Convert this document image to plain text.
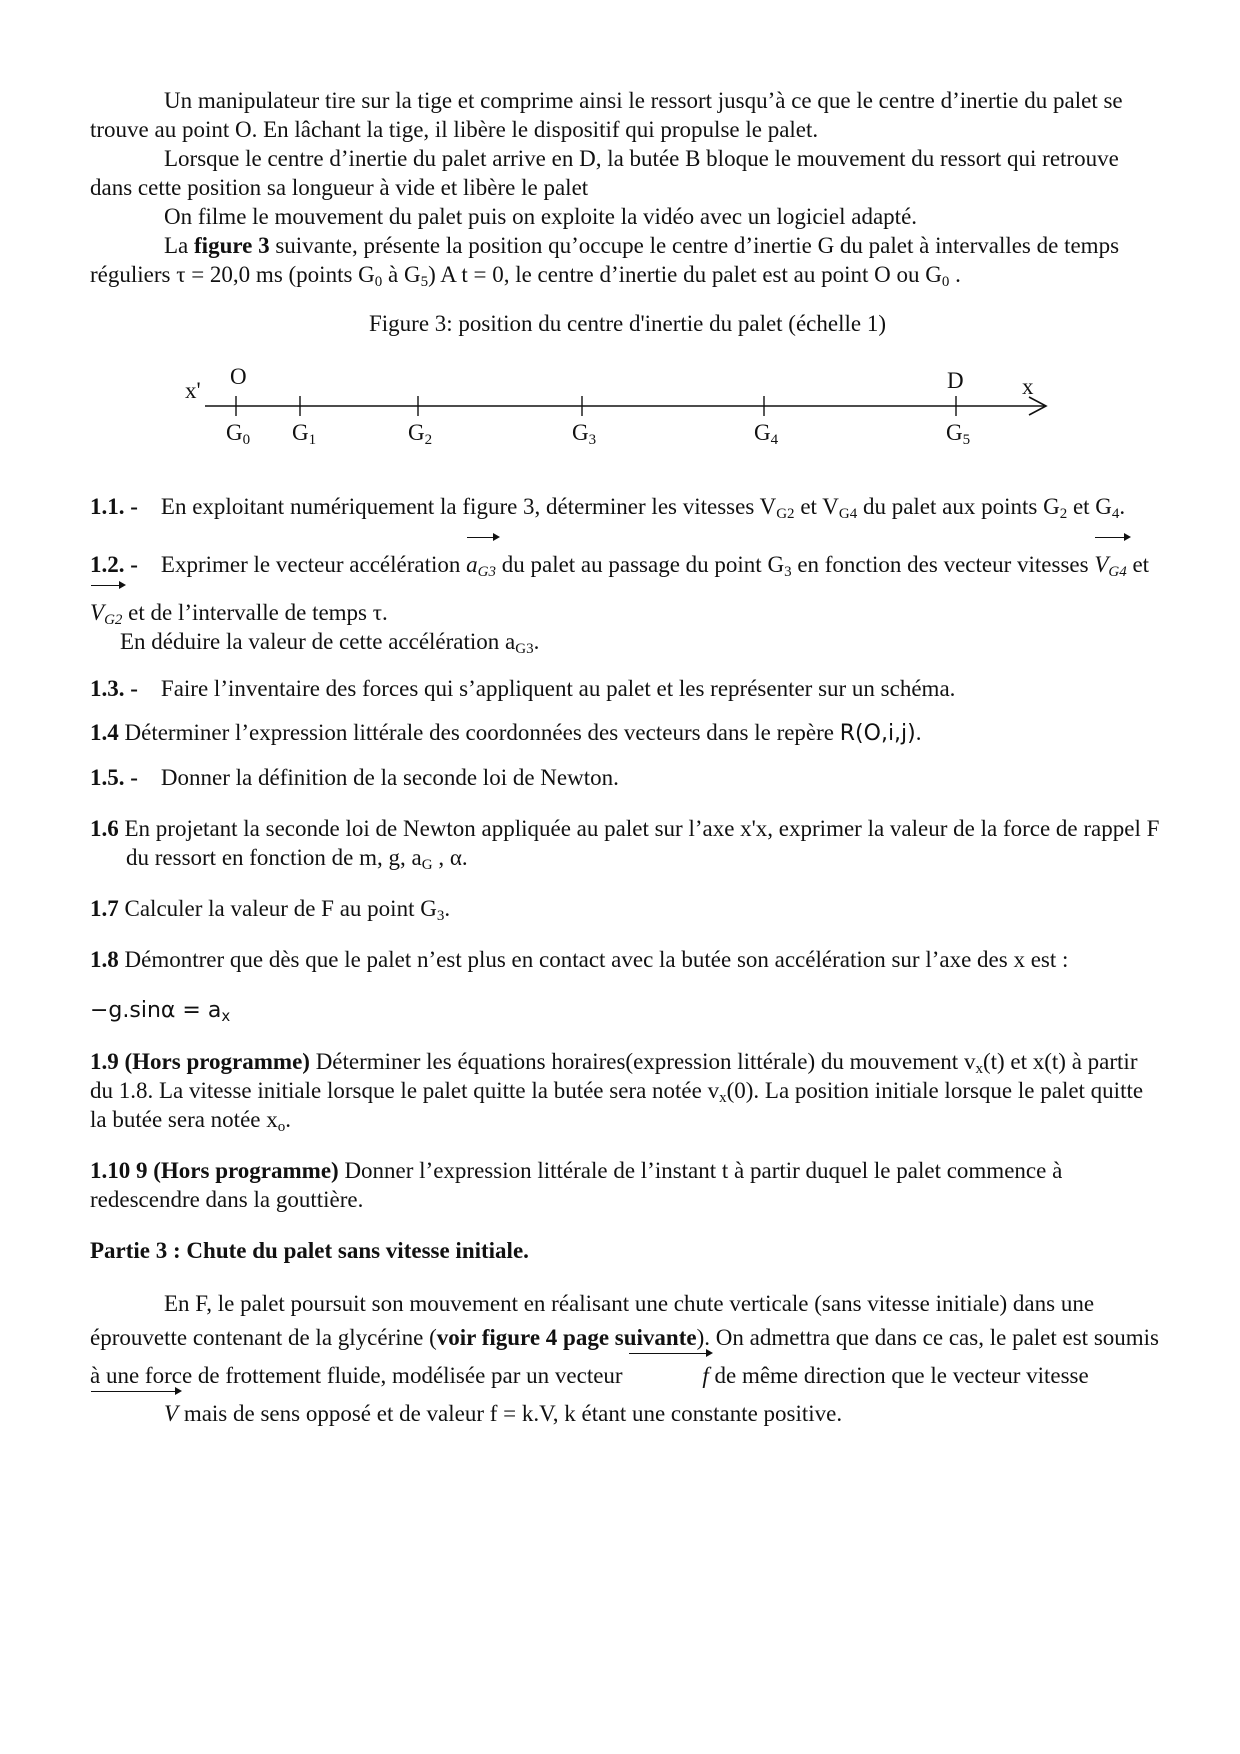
Un manipulateur tire sur la tige et comprime ainsi le ressort jusqu’à ce que le centre d’inertie du palet se trouve au point O. En lâchant la tige, il libère le dispositif qui propulse le palet.

Lorsque le centre d’inertie du palet arrive en D, la butée B bloque le mouvement du ressort qui retrouve dans cette position sa longueur à vide et libère le palet

On filme le mouvement du palet puis on exploite la vidéo avec un logiciel adapté.

La figure 3 suivante, présente la position qu’occupe le centre d’inertie G du palet à intervalles de temps réguliers τ = 20,0 ms (points $G_0$ à $G_5$) A t = 0, le centre d’inertie du palet est au point O ou $G_0$ .

Figure 3: position du centre d'inertie du palet (échelle 1)

x'
O	D	x
$G_0$ $G_1$	$G_2$	$G_3$	$G_4$	$G_5$

1.1. - En exploitant numériquement la figure 3, déterminer les vitesses $V_{G2}$ et $V_{G4}$ du palet aux points $G_2$ et $G_4$.

1.2. - Exprimer le vecteur accélération $a_{G3}$ du palet au passage du point $G_3$ en fonction des vecteur vitesses $V_{G4}$ et $V_{G2}$ et de l’intervalle de temps τ.

En déduire la valeur de cette accélération $a_{G3}$.

1.3. - Faire l’inventaire des forces qui s’appliquent au palet et les représenter sur un schéma.

1.4 Déterminer l’expression littérale des coordonnées des vecteurs dans le repère R(O,i,j).

1.5. - Donner la définition de la seconde loi de Newton.

1.6 En projetant la seconde loi de Newton appliquée au palet sur l’axe x'x, exprimer la valeur de la force de rappel F du ressort en fonction de m, g, $a_G$ , α.

1.7 Calculer la valeur de F au point $G_3$.

1.8 Démontrer que dès que le palet n’est plus en contact avec la butée son accélération sur l’axe des x est :

$-g.\sin\alpha = a_x$

1.9 (Hors programme) Déterminer les équations horaires(expression littérale) du mouvement $v_x(t)$ et x(t) à partir du 1.8. La vitesse initiale lorsque le palet quitte la butée sera notée $v_x(0)$. La position initiale lorsque le palet quitte la butée sera notée $x_o$.

1.10 9 (Hors programme) Donner l’expression littérale de l’instant t à partir duquel le palet commence à redescendre dans la gouttière.

Partie 3 : Chute du palet sans vitesse initiale.

En F, le palet poursuit son mouvement en réalisant une chute verticale (sans vitesse initiale) dans une éprouvette contenant de la glycérine (voir figure 4 page suivante). On admettra que dans ce cas, le palet est soumis à une force de frottement fluide, modélisée par un vecteur	f de même direction que le vecteur vitesse V mais de sens opposé et de valeur f = k.V, k étant une constante positive.
